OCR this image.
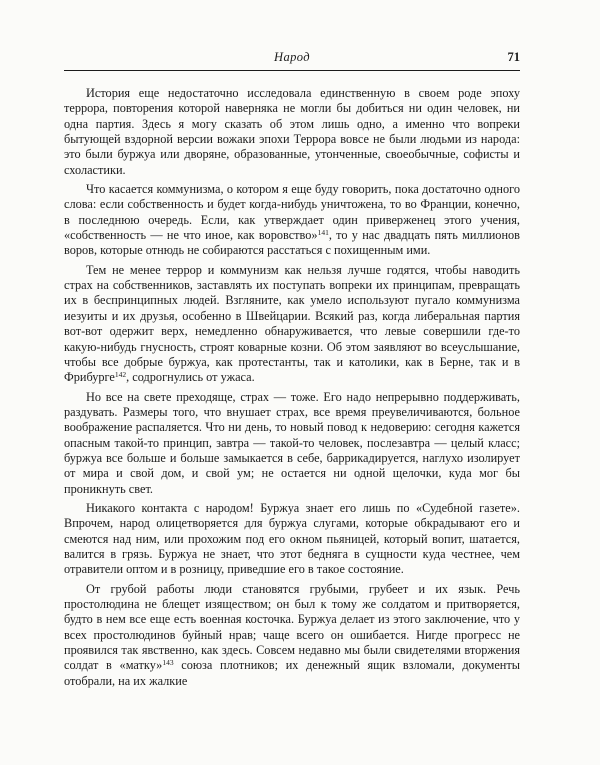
Народ	71

История еще недостаточно исследовала единственную в своем роде эпоху террора, повторения которой наверняка не могли бы добиться ни один человек, ни одна партия. Здесь я могу сказать об этом лишь одно, а именно что вопреки бытующей вздорной версии вожаки эпохи Террора вовсе не были людьми из народа: это были буржуа или дворяне, образованные, утонченные, своеобычные, софисты и схоластики.

Что касается коммунизма, о котором я еще буду говорить, пока достаточно одного слова: если собственность и будет когда-нибудь уничтожена, то во Франции, конечно, в последнюю очередь. Если, как утверждает один приверженец этого учения, «собственность — не что иное, как воровство»$^{141}$, то у нас двадцать пять миллионов воров, которые отнюдь не собираются расстаться с похищенным ими.

Тем не менее террор и коммунизм как нельзя лучше годятся, чтобы наводить страх на собственников, заставлять их поступать вопреки их принципам, превращать их в беспринципных людей. Взгляните, как умело используют пугало коммунизма иезуиты и их друзья, особенно в Швейцарии. Всякий раз, когда либеральная партия вот-вот одержит верх, немедленно обнаруживается, что левые совершили где-то какую-нибудь гнусность, строят коварные козни. Об этом заявляют во всеуслышание, чтобы все добрые буржуа, как протестанты, так и католики, как в Берне, так и в Фрибурге$^{142}$, содрогнулись от ужаса.

Но все на свете преходяще, страх — тоже. Его надо непрерывно поддерживать, раздувать. Размеры того, что внушает страх, все время преувеличиваются, больное воображение распаляется. Что ни день, то новый повод к недоверию: сегодня кажется опасным такой-то принцип, завтра — такой-то человек, послезавтра — целый класс; буржуа все больше и больше замыкается в себе, баррикадируется, наглухо изолирует от мира и свой дом, и свой ум; не остается ни одной щелочки, куда мог бы проникнуть свет.

Никакого контакта с народом! Буржуа знает его лишь по «Судебной газете». Впрочем, народ олицетворяется для буржуа слугами, которые обкрадывают его и смеются над ним, или прохожим под его окном пьяницей, который вопит, шатается, валится в грязь. Буржуа не знает, что этот бедняга в сущности куда честнее, чем отравители оптом и в розницу, приведшие его в такое состояние.

От грубой работы люди становятся грубыми, грубеет и их язык. Речь простолюдина не блещет изяществом; он был к тому же солдатом и притворяется, будто в нем все еще есть военная косточка. Буржуа делает из этого заключение, что у всех простолюдинов буйный нрав; чаще всего он ошибается. Нигде прогресс не проявился так явственно, как здесь. Совсем недавно мы были свидетелями вторжения солдат в «матку»$^{143}$ союза плотников; их денежный ящик взломали, документы отобрали, на их жалкие
